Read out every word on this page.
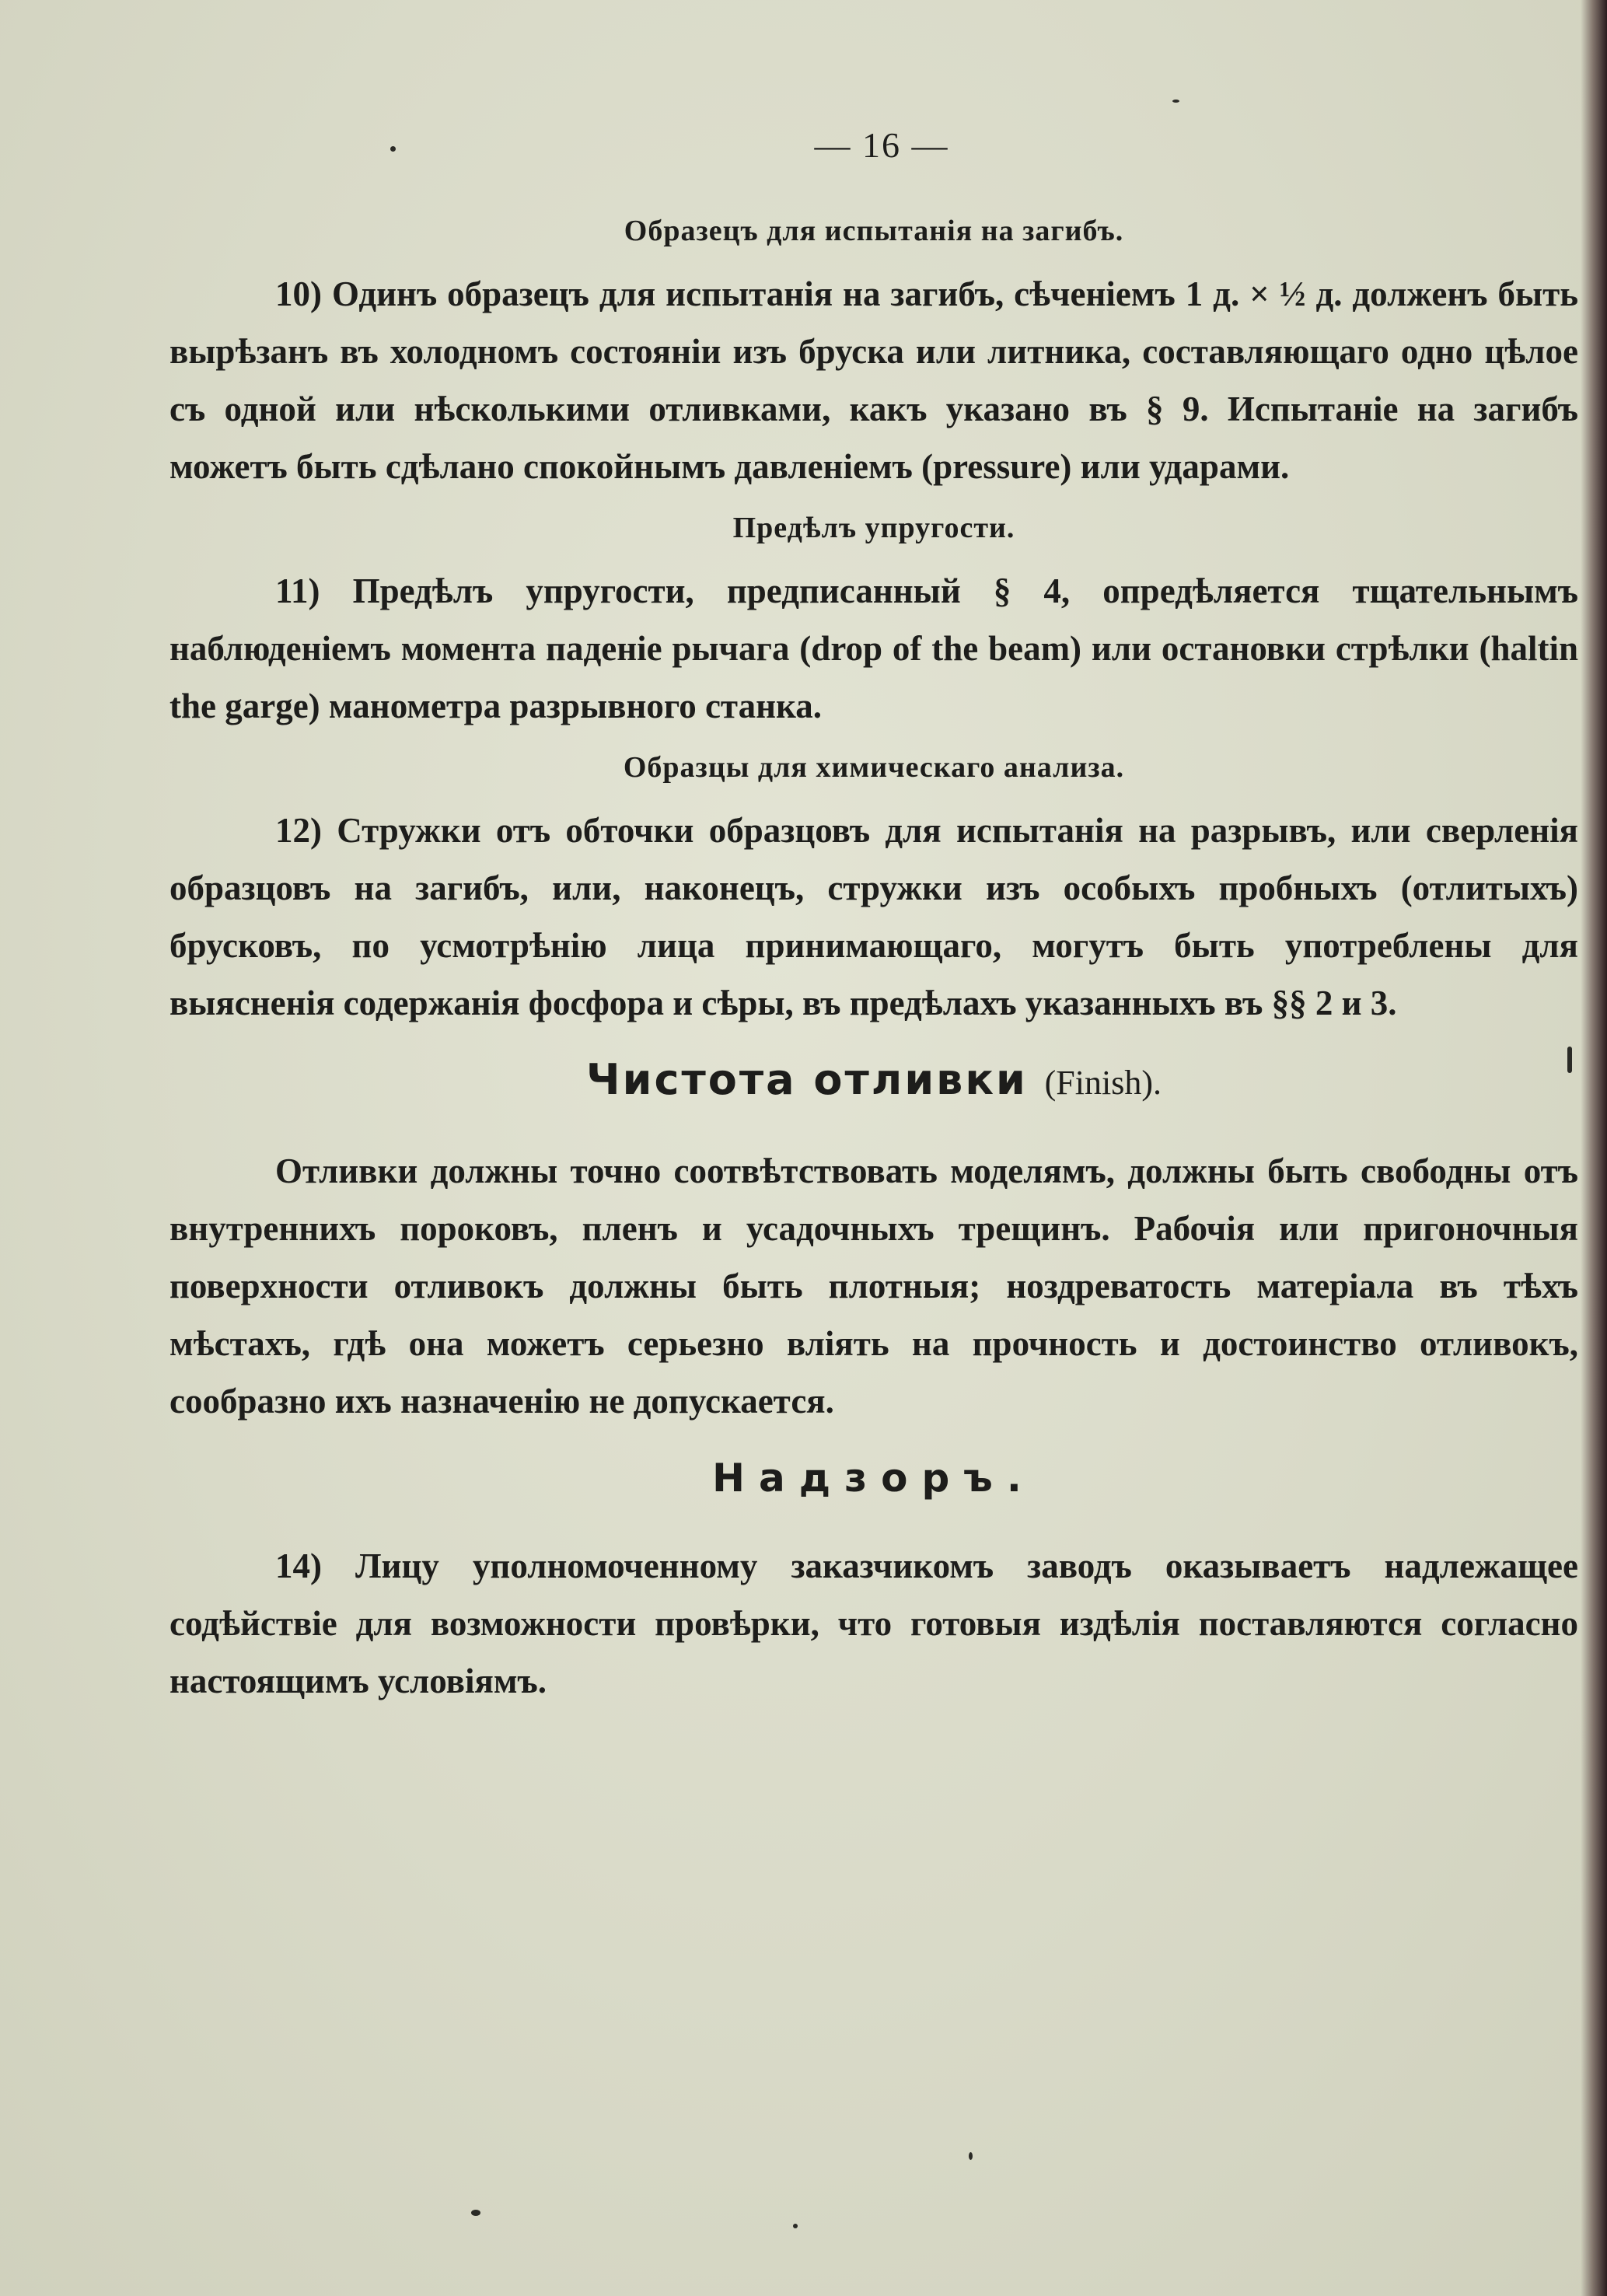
— 16 —
Образецъ для испытанія на загибъ.

10) Одинъ образецъ для испытанія на загибъ, сѣченіемъ 1 д. × ½ д. долженъ быть вырѣзанъ въ холодномъ состояніи изъ бруска или литника, составляющаго одно цѣлое съ одной или нѣсколькими отливками, какъ указано въ § 9. Испытаніе на загибъ можетъ быть сдѣлано спокойнымъ давленіемъ (pressure) или ударами.

Предѣлъ упругости.

11) Предѣлъ упругости, предписанный § 4, опредѣляется тщательнымъ наблюденіемъ момента паденіе рычага (drop of the beam) или остановки стрѣлки (haltin the garge) манометра разрывного станка.

Образцы для химическаго анализа.

12) Стружки отъ обточки образцовъ для испытанія на разрывъ, или сверленія образцовъ на загибъ, или, наконецъ, стружки изъ особыхъ пробныхъ (отлитыхъ) брусковъ, по усмотрѣнію лица принимающаго, могутъ быть употреблены для выясненія содержанія фосфора и сѣры, въ предѣлахъ указанныхъ въ §§ 2 и 3.

Чистота отливки (Finish).

Отливки должны точно соотвѣтствовать моделямъ, должны быть свободны отъ внутреннихъ пороковъ, пленъ и усадочныхъ трещинъ. Рабочія или пригоночныя поверхности отливокъ должны быть плотныя; ноздреватость матеріала въ тѣхъ мѣстахъ, гдѣ она можетъ серьезно вліять на прочность и достоинство отливокъ, сообразно ихъ назначенію не допускается.

Надзоръ.

14) Лицу уполномоченному заказчикомъ заводъ оказываетъ надлежащее содѣйствіе для возможности провѣрки, что готовыя издѣлія поставляются согласно настоящимъ условіямъ.
